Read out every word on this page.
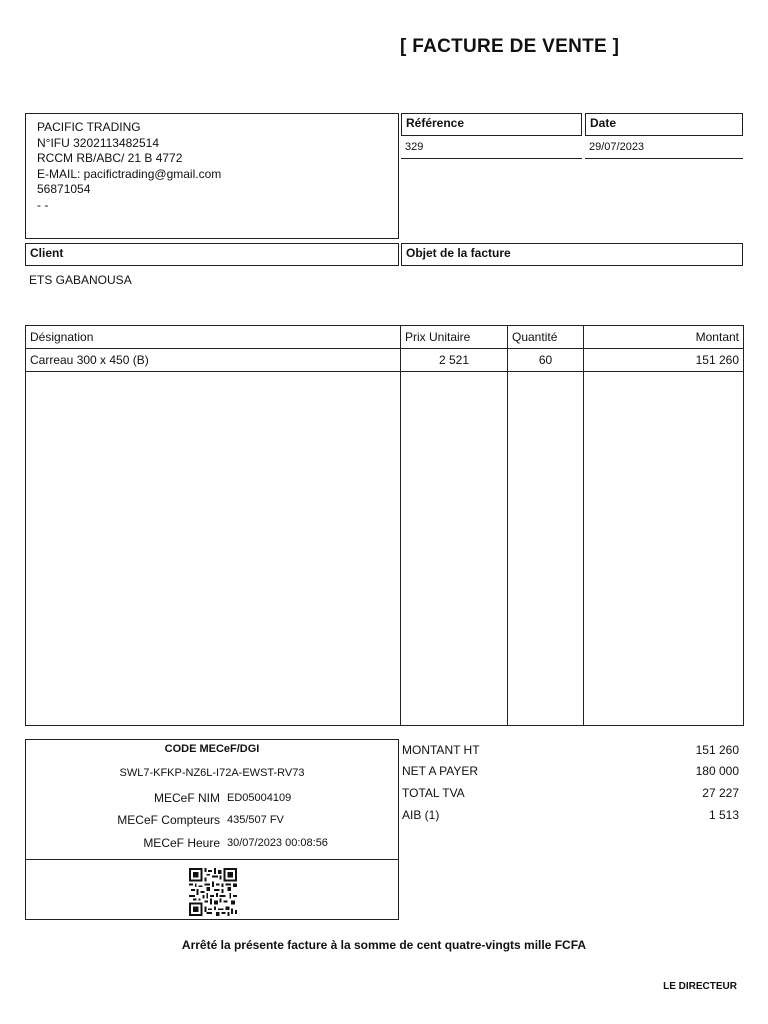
[ FACTURE DE VENTE ]
PACIFIC TRADING
N°IFU 3202113482514
RCCM RB/ABC/ 21 B 4772
E-MAIL: pacifictrading@gmail.com
56871054
- -
Référence
329
Date
29/07/2023
Client
ETS GABANOUSA
Objet de la facture
Désignation	Prix Unitaire	Quantité	Montant
Carreau 300 x 450 (B)	2 521	60	151 260

CODE MECeF/DGI
SWL7-KFKP-NZ6L-I72A-EWST-RV73
MECeF NIM ED05004109
MECeF Compteurs 435/507 FV
MECeF Heure 30/07/2023 00:08:56
MONTANT HT	151 260
NET A PAYER	180 000
TOTAL TVA	27 227
AIB (1)	1 513
Arrêté la présente facture à la somme de cent quatre-vingts mille FCFA
LE DIRECTEUR
